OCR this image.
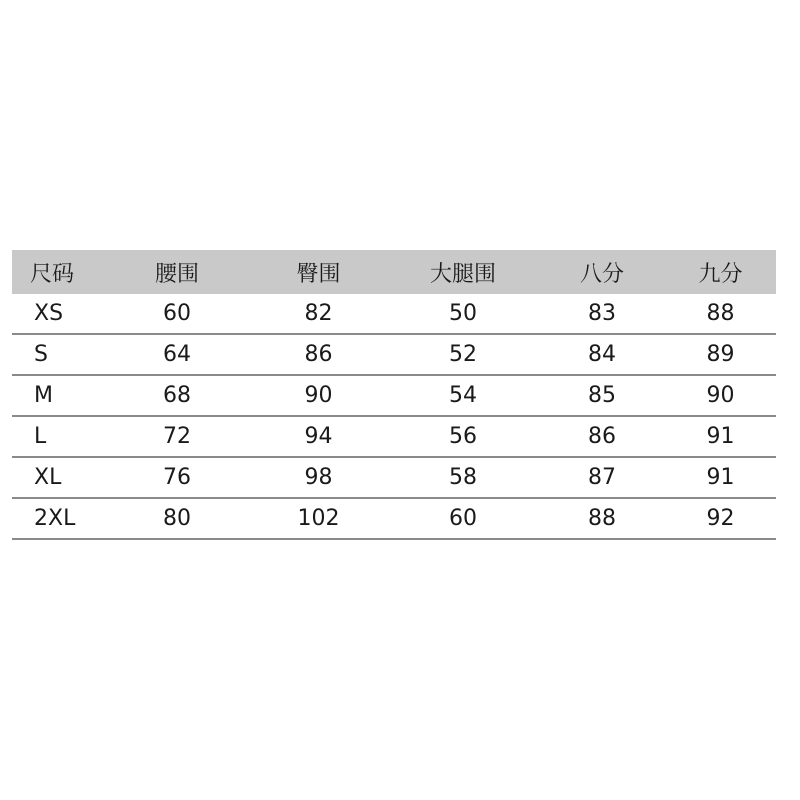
尺码	腰围	臀围	大腿围	八分	九分
XS	60	82	50	83	88
S	64	86	52	84	89
M	68	90	54	85	90
L	72	94	56	86	91
XL	76	98	58	87	91
2XL	80	102	60	88	92
